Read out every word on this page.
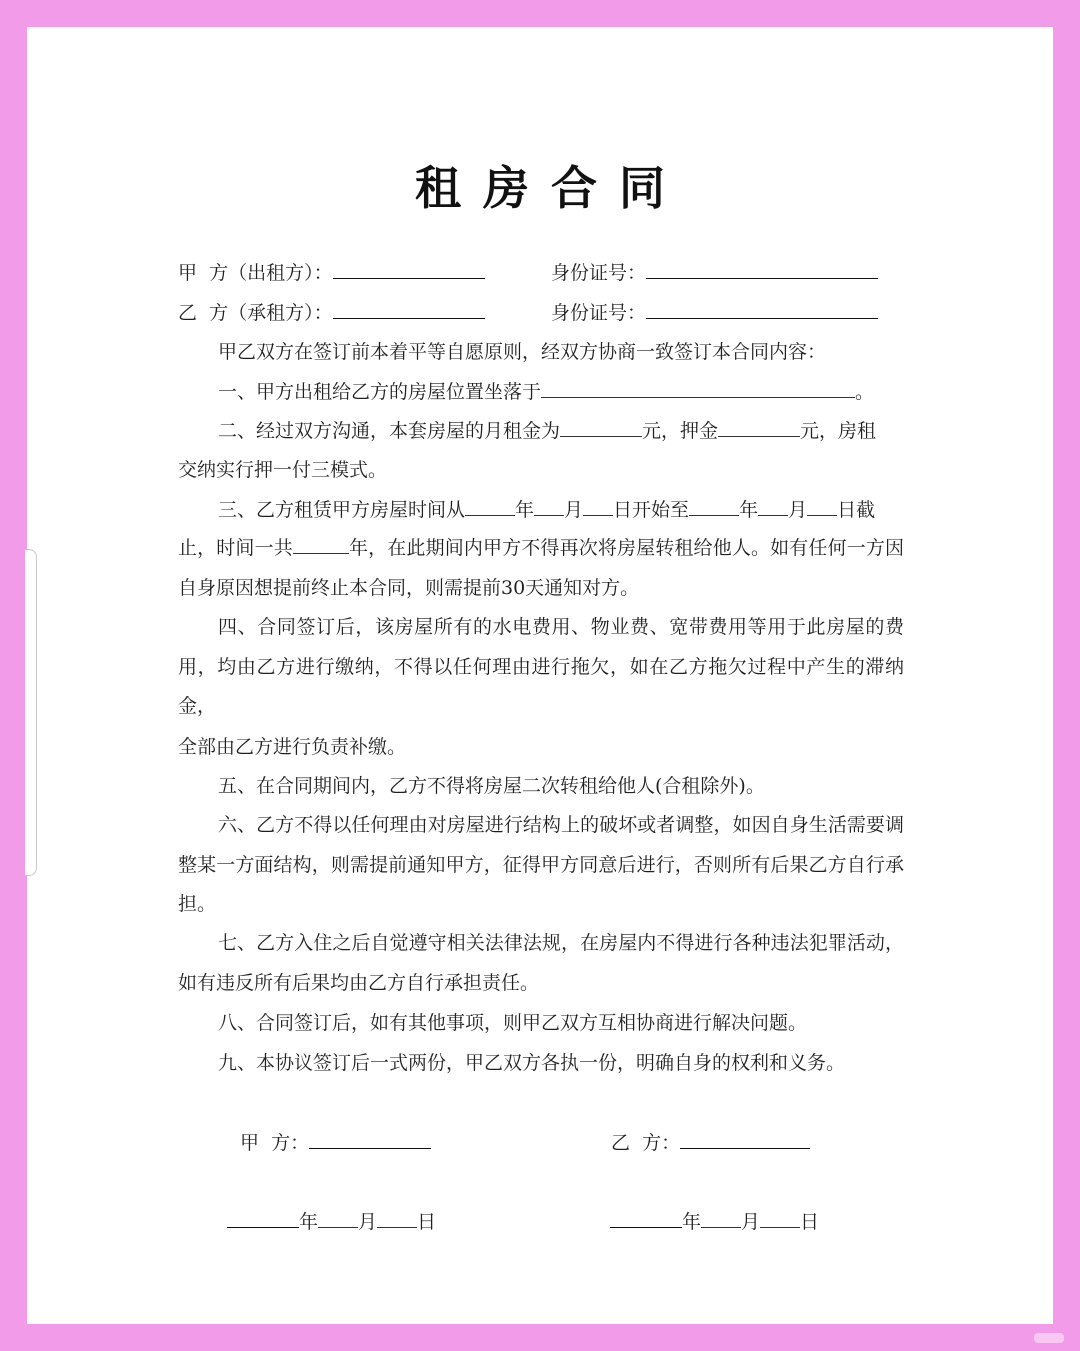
租房合同
甲  方（出租方）：	身份证号：
乙  方（承租方）：	身份证号：
甲乙双方在签订前本着平等自愿原则，经双方协商一致签订本合同内容：
一、甲方出租给乙方的房屋位置坐落于	。
二、经过双方沟通，本套房屋的月租金为	元，押金	元，房租
交纳实行押一付三模式。
三、乙方租赁甲方房屋时间从	年 月 日开始至	年 月 日截
止，时间一共	年，在此期间内甲方不得再次将房屋转租给他人。如有任何一方因自身原因想提前终止本合同，则需提前30天通知对方。
四、合同签订后，该房屋所有的水电费用、物业费、宽带费用等用于此房屋的费用，均由乙方进行缴纳，不得以任何理由进行拖欠，如在乙方拖欠过程中产生的滞纳金，
全部由乙方进行负责补缴。
五、在合同期间内，乙方不得将房屋二次转租给他人(合租除外)。
六、乙方不得以任何理由对房屋进行结构上的破坏或者调整，如因自身生活需要调整某一方面结构，则需提前通知甲方，征得甲方同意后进行，否则所有后果乙方自行承担。
七、乙方入住之后自觉遵守相关法律法规，在房屋内不得进行各种违法犯罪活动，如有违反所有后果均由乙方自行承担责任。
八、合同签订后，如有其他事项，则甲乙双方互相协商进行解决问题。
九、本协议签订后一式两份，甲乙双方各执一份，明确自身的权利和义务。
甲  方：	乙  方：
年 月 日	年 月 日
